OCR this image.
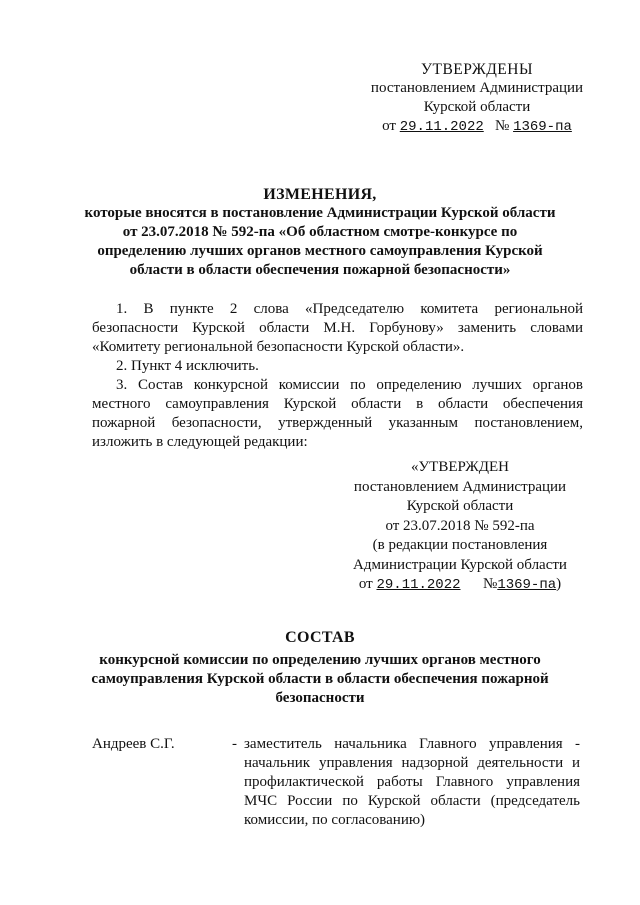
УТВЕРЖДЕНЫ
постановлением Администрации
Курской области
от 29.11.2022 № 1369-па
ИЗМЕНЕНИЯ,
которые вносятся в постановление Администрации Курской области от 23.07.2018 № 592-па «Об областном смотре-конкурсе по определению лучших органов местного самоуправления Курской области в области обеспечения пожарной безопасности»

1. В пункте 2 слова «Председателю комитета региональной безопасности Курской области М.Н. Горбунову» заменить словами «Комитету региональной безопасности Курской области».

2. Пункт 4 исключить.

3. Состав конкурсной комиссии по определению лучших органов местного самоуправления Курской области в области обеспечения пожарной безопасности, утвержденный указанным постановлением, изложить в следующей редакции:

«УТВЕРЖДЕН
постановлением Администрации
Курской области
от 23.07.2018 № 592-па
(в редакции постановления
Администрации Курской области
от 29.11.2022 №1369-па)
СОСТАВ
конкурсной комиссии по определению лучших органов местного самоуправления Курской области в области обеспечения пожарной безопасности
Андреев С.Г.	- заместитель начальника Главного управления - начальник управления надзорной деятельности и профилактической работы Главного управления МЧС России по Курской области (председатель комиссии, по согласованию)
